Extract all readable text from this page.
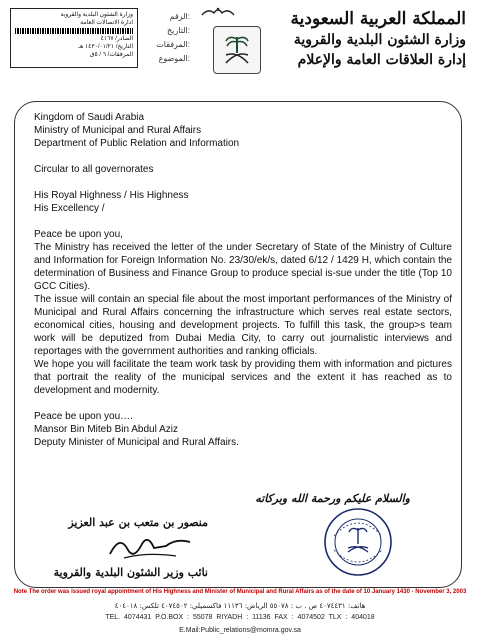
وزارة الشئون البلدية والقروية
ادارة الاتصالات العامة
الصادر/ ٤١٦٧
التاريخ/ ١٤٣٠/٠١/٢١ هـ
المرفقات/ ٦ / ٥ق
الرقم:
التاريخ:
المرفقات:
الموضوع:
المملكة العربية السعودية
وزارة الشئون البلدية والقروية
إدارة العلاقات العامة والإعلام

Kingdom of Saudi Arabia

Ministry of Municipal and Rural Affairs

Department of Public Relation and Information

Circular to all governorates

His Royal Highness / His Highness

His Excellency /

Peace be upon you,

The Ministry has received the letter of the under Secretary of State of the Ministry of Culture and Information for Foreign Information No. 23/30/ek/s, dated 6/12 / 1429 H, which contain the determination of Business and Finance Group to produce special is-sue under the title (Top 10 GCC Cities).

The issue will contain an special file about the most important performances of the Ministry of Municipal and Rural Affairs concerning the infrastructure which serves real estate sectors, economical cities, housing and development projects. To fulfill this task, the group>s team work will be deputized from Dubai Media City, to carry out journalistic interviews and reportages with the government authorities and ranking officials.

We hope you will facilitate the team work task by providing them with information and pictures that portrait the reality of the municipal services and the extent it has reached as to development and modernity.

Peace be upon you….

Mansor Bin Miteb Bin Abdul Aziz

Deputy Minister of Municipal and Rural Affairs.

والسلام عليكم ورحمة الله وبركاته
منصور بن متعب بن عبد العزيز
نائب وزير الشئون البلدية والقروية
Note The order was issued royal appointment of His Highness and Minister of Municipal and Rural Affairs as of the date of 10 January 1430 - November 3, 2003
هاتف: ٤٠٧٤٤٣١ ص . ب : ٥٥٠٧٨ الرياض: ١١١٣٦ فاكسميلي: ٤٠٧٤٥٠٢ تلكس: ٤٠٤٠١٨
TEL. 4074431 P.O.BOX : 55078 RIYADH : 11136 FAX : 4074502 TLX : 404018
E.Mail:Public_relations@momra.gov.sa
